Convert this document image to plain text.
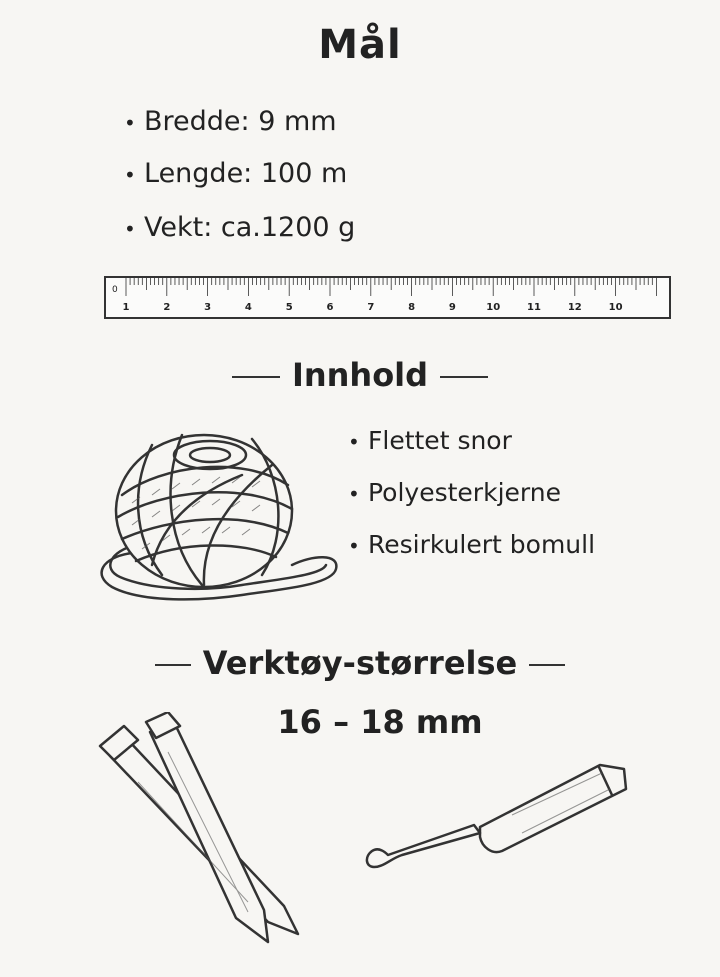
Mål
• Bredde: 9 mm
• Lengde: 100 m
• Vekt: ca.1200 g
0
1	2	3	4	5	6	7	8	9	10	11	12	10
Innhold
• Flettet snor
• Polyesterkjerne
• Resirkulert bomull
Verktøy-størrelse
16 – 18 mm
